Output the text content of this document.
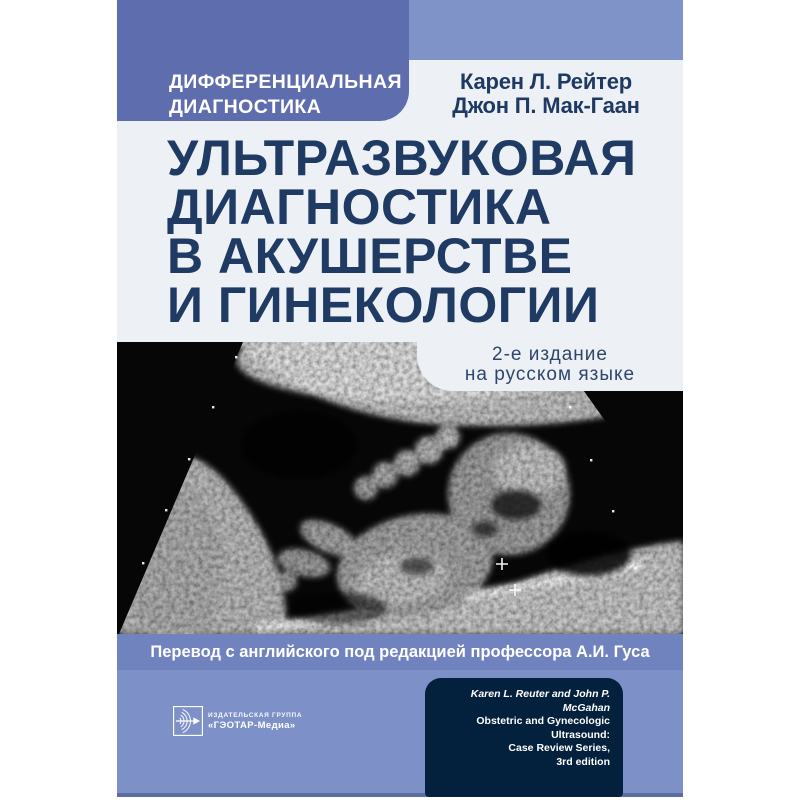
ДИФФЕРЕНЦИАЛЬНАЯ
ДИАГНОСТИКА
Карен Л. Рейтер
Джон П. Мак-Гаан
УЛЬТРАЗВУКОВАЯ
ДИАГНОСТИКА
В АКУШЕРСТВЕ
И ГИНЕКОЛОГИИ
2-е издание
на русском языке
Перевод с английского под редакцией профессора А.И. Гуса
ИЗДАТЕЛЬСКАЯ ГРУППА
«ГЭОТАР-Медиа»
Karen L. Reuter and John P. McGahan
Obstetric and Gynecologic Ultrasound:
Case Review Series,
3rd edition
